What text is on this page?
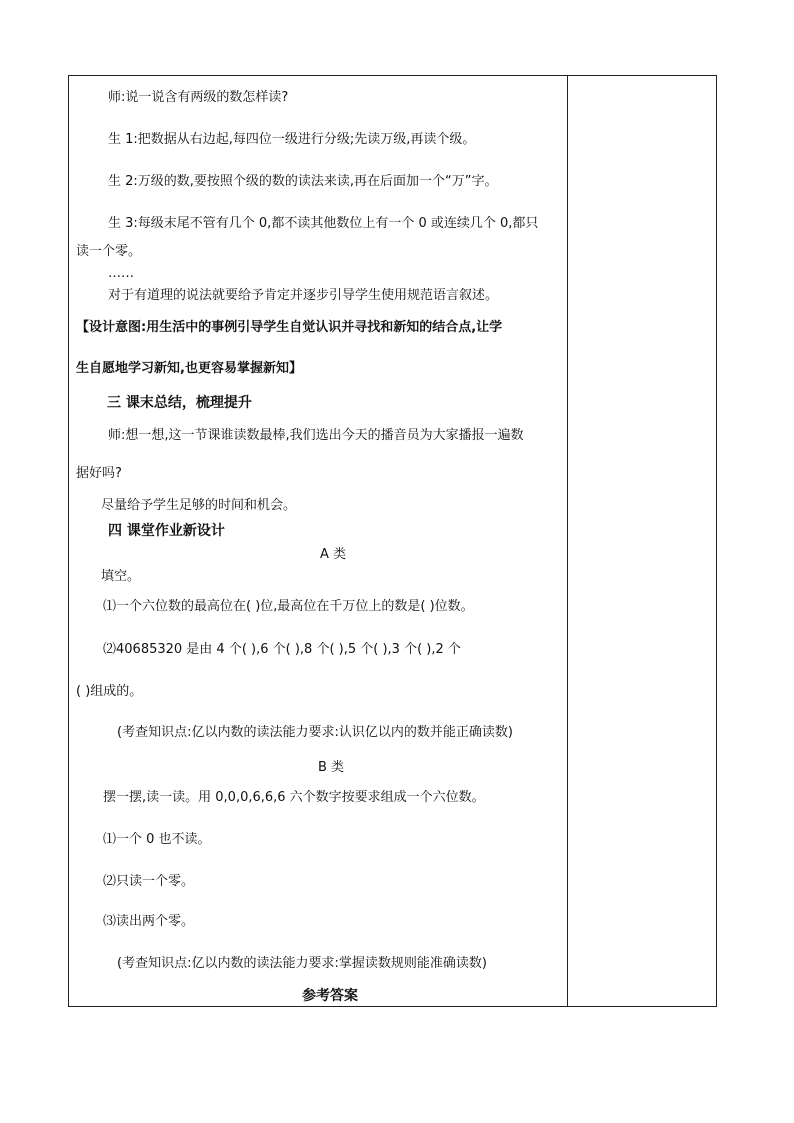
师:说一说含有两级的数怎样读?
生 1:把数据从右边起,每四位一级进行分级;先读万级,再读个级。
生 2:万级的数,要按照个级的数的读法来读,再在后面加一个“万”字。
生 3:每级末尾不管有几个 0,都不读其他数位上有一个 0 或连续几个 0,都只
读一个零。
……
对于有道理的说法就要给予肯定并逐步引导学生使用规范语言叙述。
【设计意图:用生活中的事例引导学生自觉认识并寻找和新知的结合点,让学
生自愿地学习新知,也更容易掌握新知】
三 课末总结，梳理提升
师:想一想,这一节课谁读数最棒,我们选出今天的播音员为大家播报一遍数
据好吗?
尽量给予学生足够的时间和机会。
四 课堂作业新设计
A 类
填空。
⑴一个六位数的最高位在( )位,最高位在千万位上的数是( )位数。
⑵40685320 是由 4 个( ),6 个( ),8 个( ),5 个( ),3 个( ),2 个
( )组成的。
(考查知识点:亿以内数的读法能力要求:认识亿以内的数并能正确读数)
B 类
摆一摆,读一读。用 0,0,0,6,6,6 六个数字按要求组成一个六位数。
⑴一个 0 也不读。
⑵只读一个零。
⑶读出两个零。
(考查知识点:亿以内数的读法能力要求:掌握读数规则能准确读数)
参考答案
